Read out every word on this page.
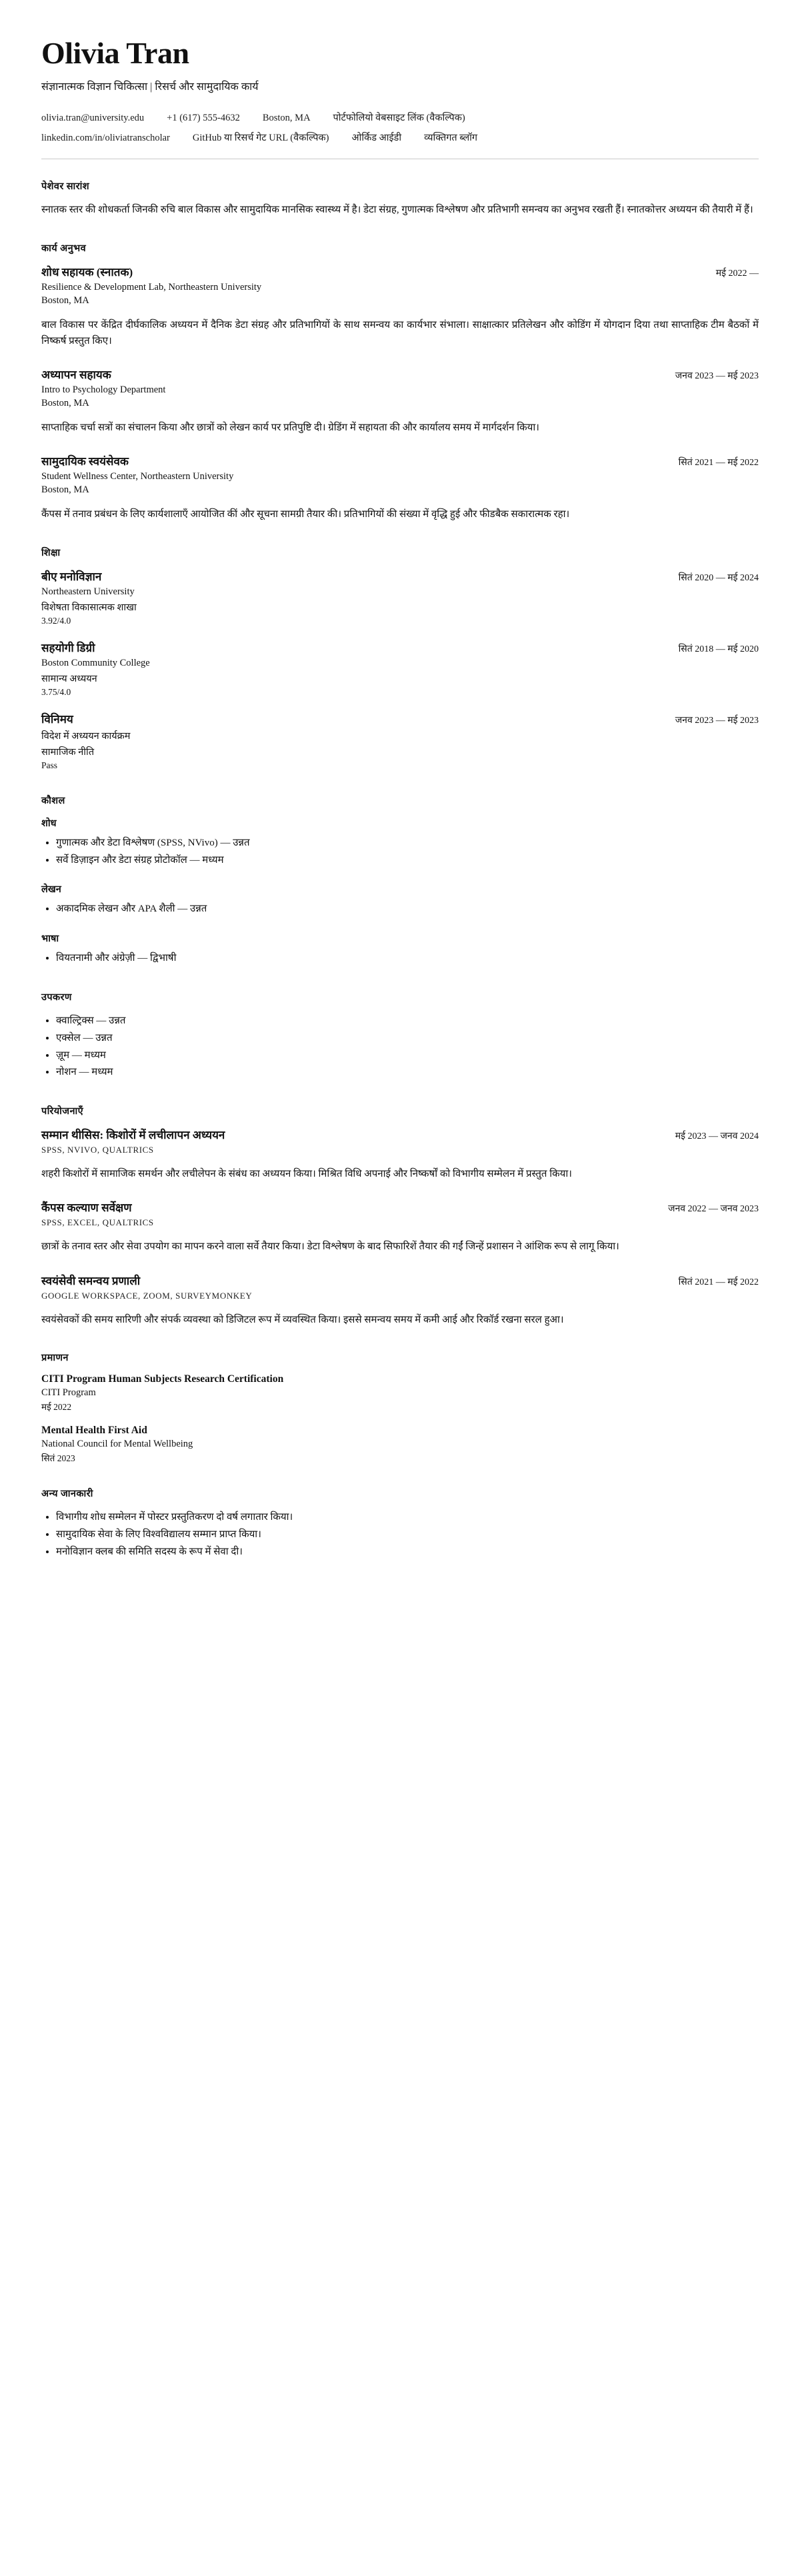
Olivia Tran

संज्ञानात्मक विज्ञान चिकित्सा | रिसर्च और सामुदायिक कार्य

olivia.tran@university.edu +1 (617) 555-4632 Boston, MA पोर्टफोलियो वेबसाइट लिंक (वैकल्पिक)
linkedin.com/in/oliviatranscholar GitHub या रिसर्च गेट URL (वैकल्पिक) ओर्किड आईडी व्यक्तिगत ब्लॉग
पेशेवर सारांश

स्नातक स्तर की शोधकर्ता जिनकी रुचि बाल विकास और सामुदायिक मानसिक स्वास्थ्य में है। डेटा संग्रह, गुणात्मक विश्लेषण और प्रतिभागी समन्वय का अनुभव रखती हैं। स्नातकोत्तर अध्ययन की तैयारी में हैं।

कार्य अनुभव

शोध सहायक (स्नातक)	मई 2022 —

Resilience & Development Lab, Northeastern University

Boston, MA

बाल विकास पर केंद्रित दीर्घकालिक अध्ययन में दैनिक डेटा संग्रह और प्रतिभागियों के साथ समन्वय का कार्यभार संभाला। साक्षात्कार प्रतिलेखन और कोडिंग में योगदान दिया तथा साप्ताहिक टीम बैठकों में निष्कर्ष प्रस्तुत किए।

अध्यापन सहायक	जनव 2023 — मई 2023

Intro to Psychology Department

Boston, MA

साप्ताहिक चर्चा सत्रों का संचालन किया और छात्रों को लेखन कार्य पर प्रतिपुष्टि दी। ग्रेडिंग में सहायता की और कार्यालय समय में मार्गदर्शन किया।

सामुदायिक स्वयंसेवक	सितं 2021 — मई 2022

Student Wellness Center, Northeastern University

Boston, MA

कैंपस में तनाव प्रबंधन के लिए कार्यशालाएँ आयोजित कीं और सूचना सामग्री तैयार की। प्रतिभागियों की संख्या में वृद्धि हुई और फीडबैक सकारात्मक रहा।

शिक्षा

बीए मनोविज्ञान	सितं 2020 — मई 2024

Northeastern University

विशेषता विकासात्मक शाखा

3.92/4.0

सहयोगी डिग्री	सितं 2018 — मई 2020

Boston Community College

सामान्य अध्ययन

3.75/4.0

विनिमय	जनव 2023 — मई 2023

विदेश में अध्ययन कार्यक्रम

सामाजिक नीति

Pass

कौशल

शोध

• गुणात्मक और डेटा विश्लेषण (SPSS, NVivo) — उन्नत
• सर्वे डिज़ाइन और डेटा संग्रह प्रोटोकॉल — मध्यम

लेखन

• अकादमिक लेखन और APA शैली — उन्नत

भाषा

• वियतनामी और अंग्रेज़ी — द्विभाषी
उपकरण
• क्वाल्ट्रिक्स — उन्नत
• एक्सेल — उन्नत
• ज़ूम — मध्यम
• नोशन — मध्यम
परियोजनाएँ

सम्मान थीसिस: किशोरों में लचीलापन अध्ययन	मई 2023 — जनव 2024

SPSS, NVIVO, QUALTRICS

शहरी किशोरों में सामाजिक समर्थन और लचीलेपन के संबंध का अध्ययन किया। मिश्रित विधि अपनाई और निष्कर्षों को विभागीय सम्मेलन में प्रस्तुत किया।

कैंपस कल्याण सर्वेक्षण	जनव 2022 — जनव 2023

SPSS, EXCEL, QUALTRICS

छात्रों के तनाव स्तर और सेवा उपयोग का मापन करने वाला सर्वे तैयार किया। डेटा विश्लेषण के बाद सिफारिशें तैयार की गईं जिन्हें प्रशासन ने आंशिक रूप से लागू किया।

स्वयंसेवी समन्वय प्रणाली	सितं 2021 — मई 2022

GOOGLE WORKSPACE, ZOOM, SURVEYMONKEY

स्वयंसेवकों की समय सारिणी और संपर्क व्यवस्था को डिजिटल रूप में व्यवस्थित किया। इससे समन्वय समय में कमी आई और रिकॉर्ड रखना सरल हुआ।

प्रमाणन

CITI Program Human Subjects Research Certification

CITI Program

मई 2022

Mental Health First Aid

National Council for Mental Wellbeing

सितं 2023

अन्य जानकारी
• विभागीय शोध सम्मेलन में पोस्टर प्रस्तुतिकरण दो वर्ष लगातार किया।
• सामुदायिक सेवा के लिए विश्वविद्यालय सम्मान प्राप्त किया।
• मनोविज्ञान क्लब की समिति सदस्य के रूप में सेवा दी।
